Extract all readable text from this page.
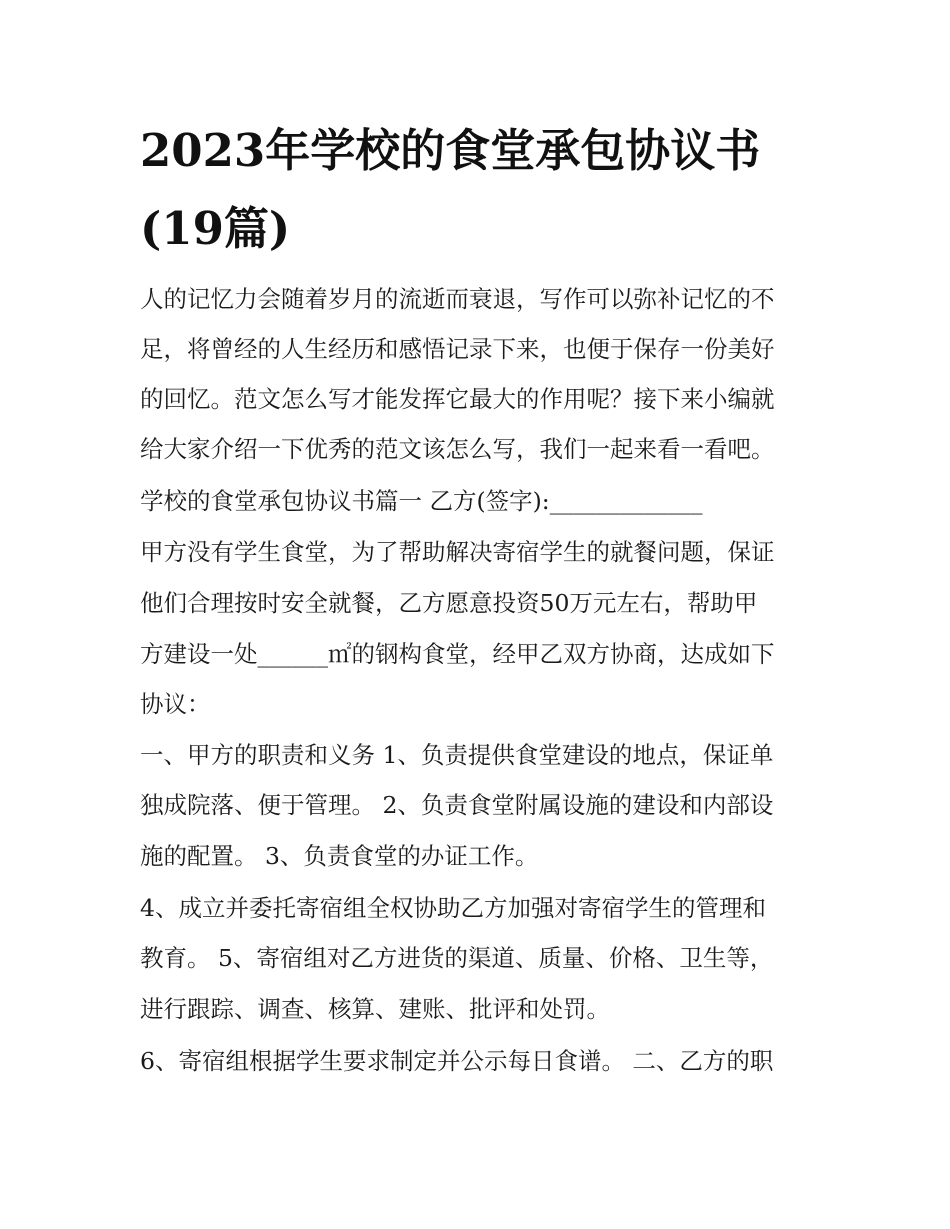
2023年学校的食堂承包协议书
(19篇)

人的记忆力会随着岁月的流逝而衰退，写作可以弥补记忆的不

足，将曾经的人生经历和感悟记录下来，也便于保存一份美好

的回忆。范文怎么写才能发挥它最大的作用呢？接下来小编就

给大家介绍一下优秀的范文该怎么写，我们一起来看一看吧。

学校的食堂承包协议书篇一 乙方(签字):_____________

甲方没有学生食堂，为了帮助解决寄宿学生的就餐问题，保证

他们合理按时安全就餐，乙方愿意投资50万元左右，帮助甲

方建设一处______㎡的钢构食堂，经甲乙双方协商，达成如下

协议：

一、甲方的职责和义务 1、负责提供食堂建设的地点，保证单

独成院落、便于管理。 2、负责食堂附属设施的建设和内部设

施的配置。 3、负责食堂的办证工作。

4、成立并委托寄宿组全权协助乙方加强对寄宿学生的管理和

教育。 5、寄宿组对乙方进货的渠道、质量、价格、卫生等，

进行跟踪、调查、核算、建账、批评和处罚。

6、寄宿组根据学生要求制定并公示每日食谱。 二、乙方的职
